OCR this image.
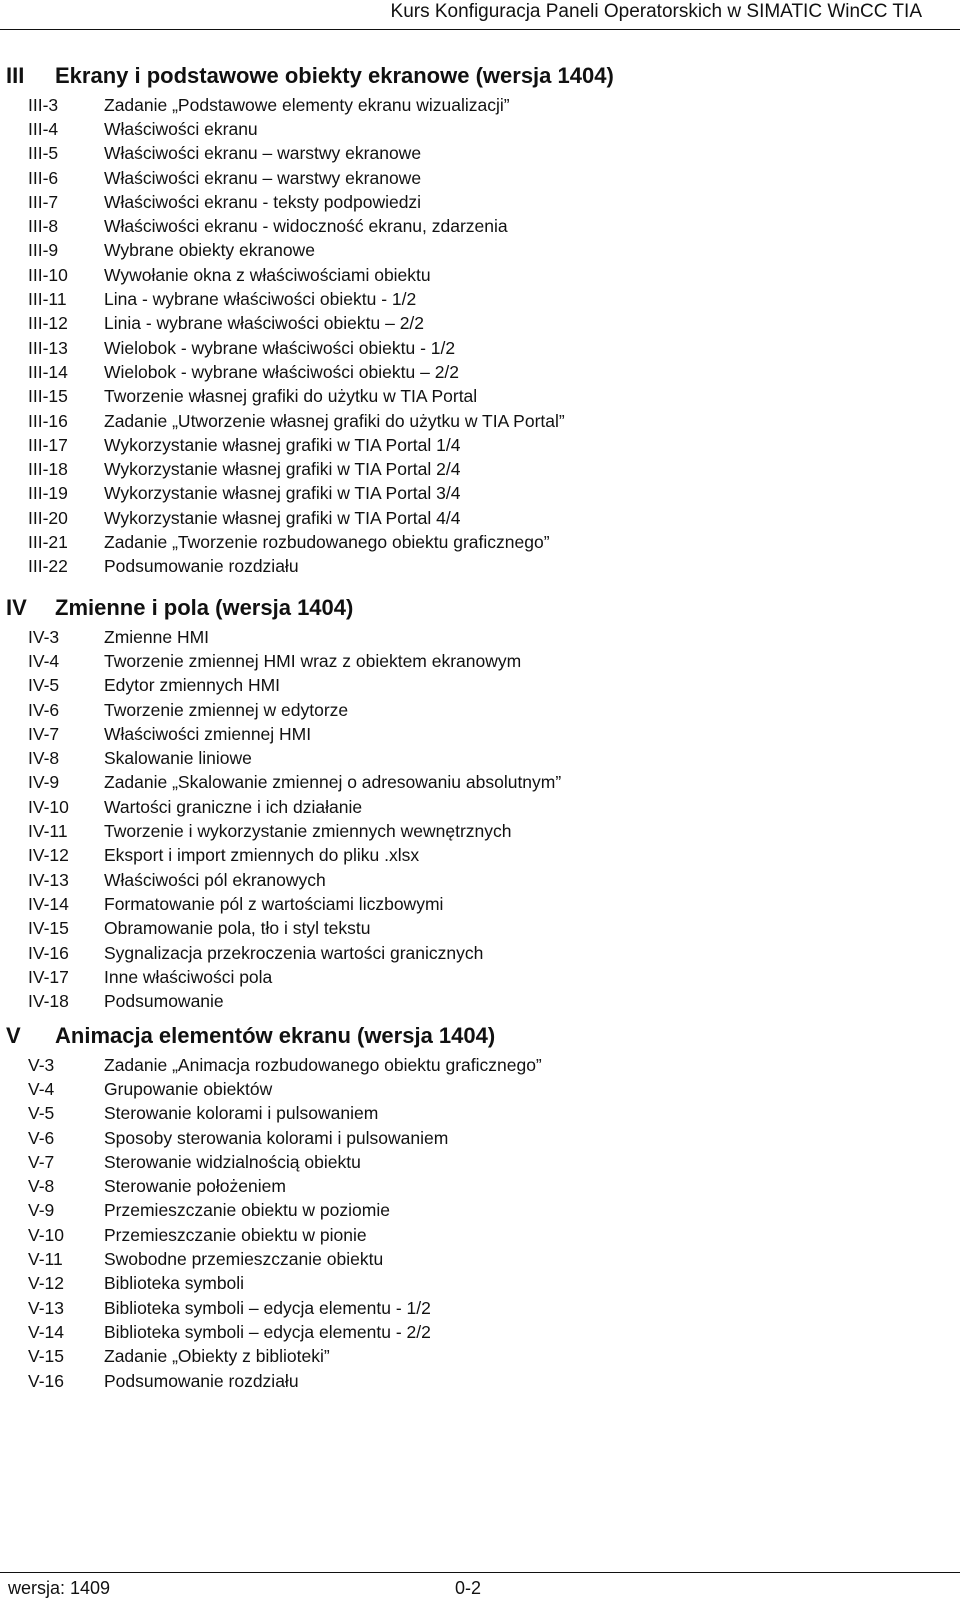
Kurs Konfiguracja Paneli Operatorskich w SIMATIC WinCC TIA
III Ekrany i podstawowe obiekty ekranowe (wersja 1404)
III-3	Zadanie „Podstawowe elementy ekranu wizualizacji”
III-4	Właściwości ekranu
III-5	Właściwości ekranu – warstwy ekranowe
III-6	Właściwości ekranu – warstwy ekranowe
III-7	Właściwości ekranu - teksty podpowiedzi
III-8	Właściwości ekranu - widoczność ekranu, zdarzenia
III-9	Wybrane obiekty ekranowe
III-10 Wywołanie okna z właściwościami obiektu
III-11 Lina - wybrane właściwości obiektu - 1/2
III-12 Linia - wybrane właściwości obiektu – 2/2
III-13 Wielobok - wybrane właściwości obiektu - 1/2
III-14 Wielobok - wybrane właściwości obiektu – 2/2
III-15 Tworzenie własnej grafiki do użytku w TIA Portal
III-16 Zadanie „Utworzenie własnej grafiki do użytku w TIA Portal”
III-17 Wykorzystanie własnej grafiki w TIA Portal 1/4
III-18 Wykorzystanie własnej grafiki w TIA Portal 2/4
III-19 Wykorzystanie własnej grafiki w TIA Portal 3/4
III-20 Wykorzystanie własnej grafiki w TIA Portal 4/4
III-21 Zadanie „Tworzenie rozbudowanego obiektu graficznego”
III-22 Podsumowanie rozdziału
IV Zmienne i pola (wersja 1404)
IV-3	Zmienne HMI
IV-4	Tworzenie zmiennej HMI wraz z obiektem ekranowym
IV-5	Edytor zmiennych HMI
IV-6	Tworzenie zmiennej w edytorze
IV-7	Właściwości zmiennej HMI
IV-8	Skalowanie liniowe
IV-9	Zadanie „Skalowanie zmiennej o adresowaniu absolutnym”
IV-10 Wartości graniczne i ich działanie
IV-11 Tworzenie i wykorzystanie zmiennych wewnętrznych
IV-12 Eksport i import zmiennych do pliku .xlsx
IV-13 Właściwości pól ekranowych
IV-14 Formatowanie pól z wartościami liczbowymi
IV-15 Obramowanie pola, tło i styl tekstu
IV-16 Sygnalizacja przekroczenia wartości granicznych
IV-17 Inne właściwości pola
IV-18 Podsumowanie
V Animacja elementów ekranu (wersja 1404)
V-3	Zadanie „Animacja rozbudowanego obiektu graficznego”
V-4	Grupowanie obiektów
V-5	Sterowanie kolorami i pulsowaniem
V-6	Sposoby sterowania kolorami i pulsowaniem
V-7	Sterowanie widzialnością obiektu
V-8	Sterowanie położeniem
V-9	Przemieszczanie obiektu w poziomie
V-10 Przemieszczanie obiektu w pionie
V-11 Swobodne przemieszczanie obiektu
V-12 Biblioteka symboli
V-13 Biblioteka symboli – edycja elementu - 1/2
V-14 Biblioteka symboli – edycja elementu - 2/2
V-15 Zadanie „Obiekty z biblioteki”
V-16 Podsumowanie rozdziału
wersja: 1409	0-2
